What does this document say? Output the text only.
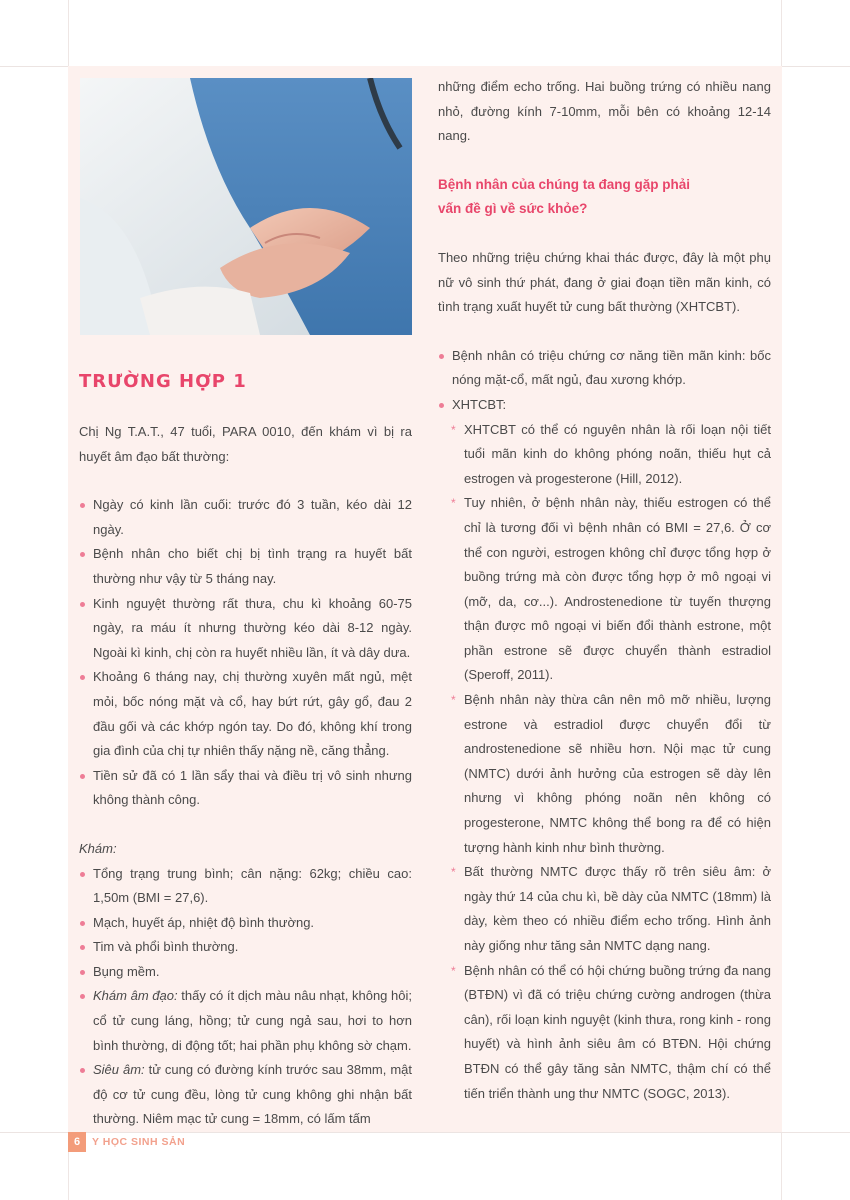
TRƯỜNG HỢP 1

Chị Ng T.A.T., 47 tuổi, PARA 0010, đến khám vì bị ra huyết âm đạo bất thường:

Ngày có kinh lần cuối: trước đó 3 tuần, kéo dài 12 ngày.
Bệnh nhân cho biết chị bị tình trạng ra huyết bất thường như vậy từ 5 tháng nay.
Kinh nguyệt thường rất thưa, chu kì khoảng 60-75 ngày, ra máu ít nhưng thường kéo dài 8-12 ngày. Ngoài kì kinh, chị còn ra huyết nhiều lần, ít và dây dưa.
Khoảng 6 tháng nay, chị thường xuyên mất ngủ, mệt mỏi, bốc nóng mặt và cổ, hay bứt rứt, gây gổ, đau 2 đầu gối và các khớp ngón tay. Do đó, không khí trong gia đình của chị tự nhiên thấy nặng nề, căng thẳng.
Tiền sử đã có 1 lần sẩy thai và điều trị vô sinh nhưng không thành công.

Khám:

Tổng trạng trung bình; cân nặng: 62kg; chiều cao: 1,50m (BMI = 27,6).
Mạch, huyết áp, nhiệt độ bình thường.
Tim và phổi bình thường.
Bụng mềm.
Khám âm đạo: thấy có ít dịch màu nâu nhạt, không hôi; cổ tử cung láng, hồng; tử cung ngả sau, hơi to hơn bình thường, di động tốt; hai phần phụ không sờ chạm.
Siêu âm: tử cung có đường kính trước sau 38mm, mật độ cơ tử cung đều, lòng tử cung không ghi nhận bất thường. Niêm mạc tử cung = 18mm, có lấm tấm

những điểm echo trống. Hai buồng trứng có nhiều nang nhỏ, đường kính 7-10mm, mỗi bên có khoảng 12-14 nang.

Bệnh nhân của chúng ta đang gặp phải
vấn đề gì về sức khỏe?

Theo những triệu chứng khai thác được, đây là một phụ nữ vô sinh thứ phát, đang ở giai đoạn tiền mãn kinh, có tình trạng xuất huyết tử cung bất thường (XHTCBT).

Bệnh nhân có triệu chứng cơ năng tiền mãn kinh: bốc nóng mặt-cổ, mất ngủ, đau xương khớp.
XHTCBT:
* XHTCBT có thể có nguyên nhân là rối loạn nội tiết tuổi mãn kinh do không phóng noãn, thiếu hụt cả estrogen và progesterone (Hill, 2012).
* Tuy nhiên, ở bệnh nhân này, thiếu estrogen có thể chỉ là tương đối vì bệnh nhân có BMI = 27,6. Ở cơ thể con người, estrogen không chỉ được tổng hợp ở buồng trứng mà còn được tổng hợp ở mô ngoại vi (mỡ, da, cơ...). Androstenedione từ tuyến thượng thận được mô ngoại vi biến đổi thành estrone, một phần estrone sẽ được chuyển thành estradiol (Speroff, 2011).
* Bệnh nhân này thừa cân nên mô mỡ nhiều, lượng estrone và estradiol được chuyển đổi từ androstenedione sẽ nhiều hơn. Nội mạc tử cung (NMTC) dưới ảnh hưởng của estrogen sẽ dày lên nhưng vì không phóng noãn nên không có progesterone, NMTC không thể bong ra để có hiện tượng hành kinh như bình thường.
* Bất thường NMTC được thấy rõ trên siêu âm: ở ngày thứ 14 của chu kì, bề dày của NMTC (18mm) là dày, kèm theo có nhiều điểm echo trống. Hình ảnh này giống như tăng sản NMTC dạng nang.
* Bệnh nhân có thể có hội chứng buồng trứng đa nang (BTĐN) vì đã có triệu chứng cường androgen (thừa cân), rối loạn kinh nguyệt (kinh thưa, rong kinh - rong huyết) và hình ảnh siêu âm có BTĐN. Hội chứng BTĐN có thể gây tăng sản NMTC, thậm chí có thể tiến triển thành ung thư NMTC (SOGC, 2013).
6	Y HỌC SINH SẢN
